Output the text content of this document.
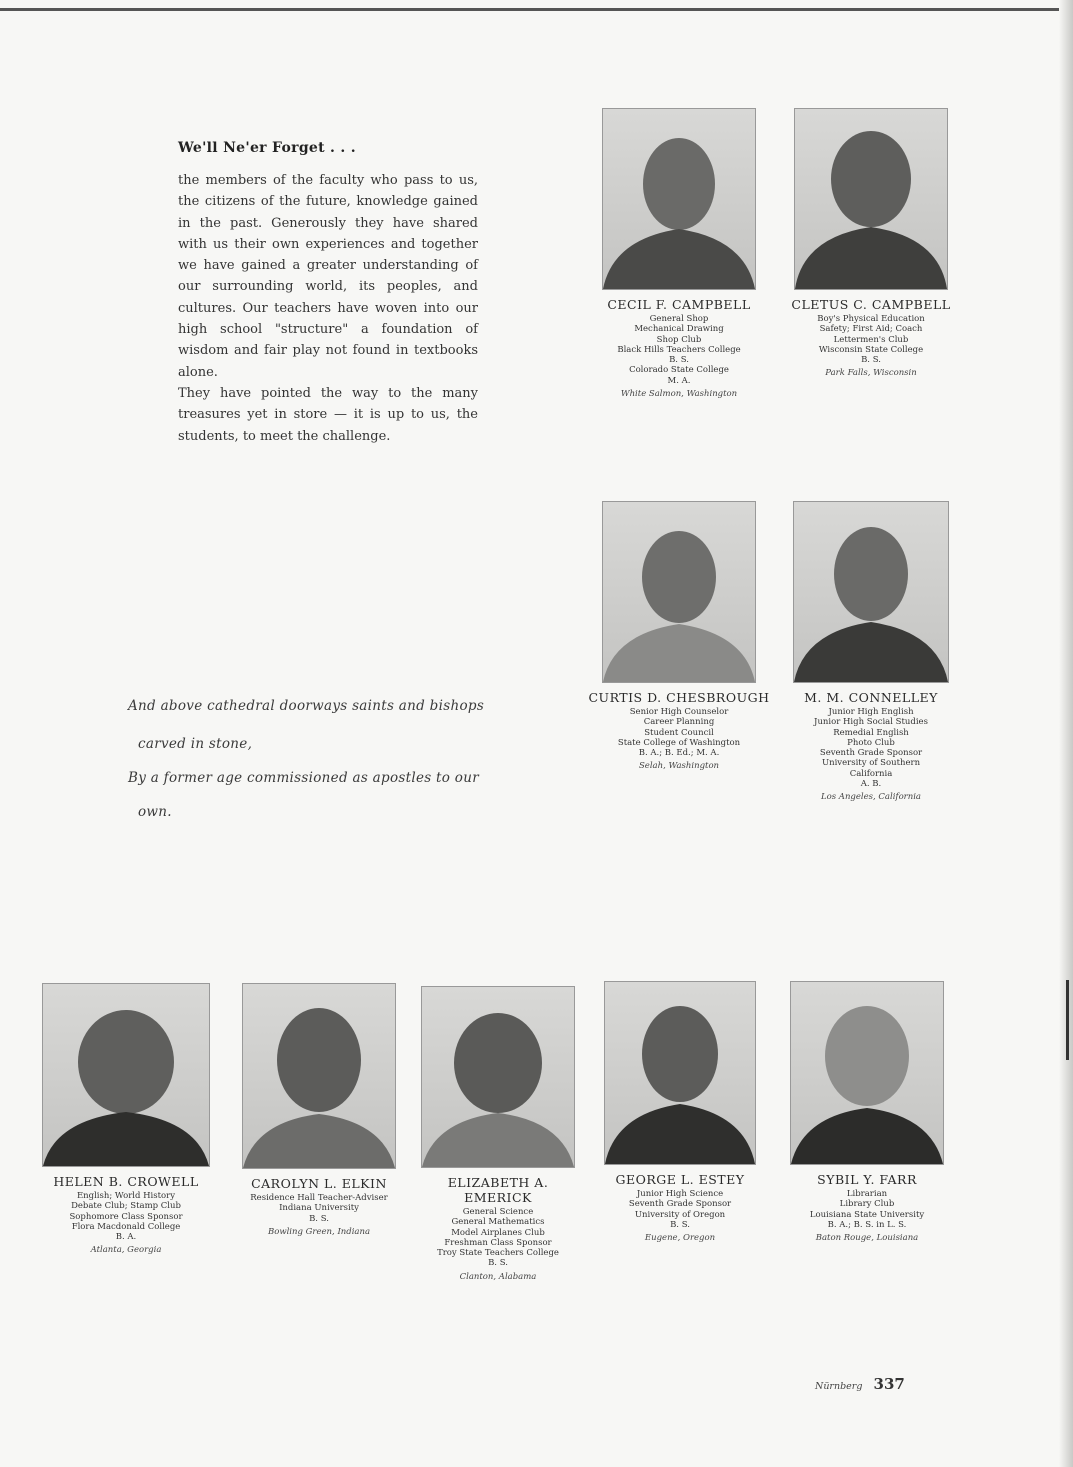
We'll Ne'er Forget . . .

the members of the faculty who pass to us, the citizens of the future, knowledge gained in the past. Generously they have shared with us their own experiences and together we have gained a greater understanding of our surrounding world, its peoples, and cultures. Our teachers have woven into our high school "structure" a foundation of wisdom and fair play not found in textbooks alone.

They have pointed the way to the many treasures yet in store — it is up to us, the students, to meet the challenge.

And above cathedral doorways saints and bishops
carved in stone,
By a former age commissioned as apostles to our
own.
CECIL F. CAMPBELL
General Shop
Mechanical Drawing
Shop Club
Black Hills Teachers College
B. S.
Colorado State College
M. A.
White Salmon, Washington
CLETUS C. CAMPBELL
Boy's Physical Education
Safety; First Aid; Coach
Lettermen's Club
Wisconsin State College
B. S.
Park Falls, Wisconsin
CURTIS D. CHESBROUGH
Senior High Counselor
Career Planning
Student Council
State College of Washington
B. A.; B. Ed.; M. A.
Selah, Washington
M. M. CONNELLEY
Junior High English
Junior High Social Studies
Remedial English
Photo Club
Seventh Grade Sponsor
University of Southern
California
A. B.
Los Angeles, California
HELEN B. CROWELL
English; World History
Debate Club; Stamp Club
Sophomore Class Sponsor
Flora Macdonald College
B. A.
Atlanta, Georgia
CAROLYN L. ELKIN
Residence Hall Teacher-Adviser
Indiana University
B. S.
Bowling Green, Indiana
ELIZABETH A. EMERICK
General Science
General Mathematics
Model Airplanes Club
Freshman Class Sponsor
Troy State Teachers College
B. S.
Clanton, Alabama
GEORGE L. ESTEY
Junior High Science
Seventh Grade Sponsor
University of Oregon
B. S.
Eugene, Oregon
SYBIL Y. FARR
Librarian
Library Club
Louisiana State University
B. A.; B. S. in L. S.
Baton Rouge, Louisiana
Nürnberg 337
